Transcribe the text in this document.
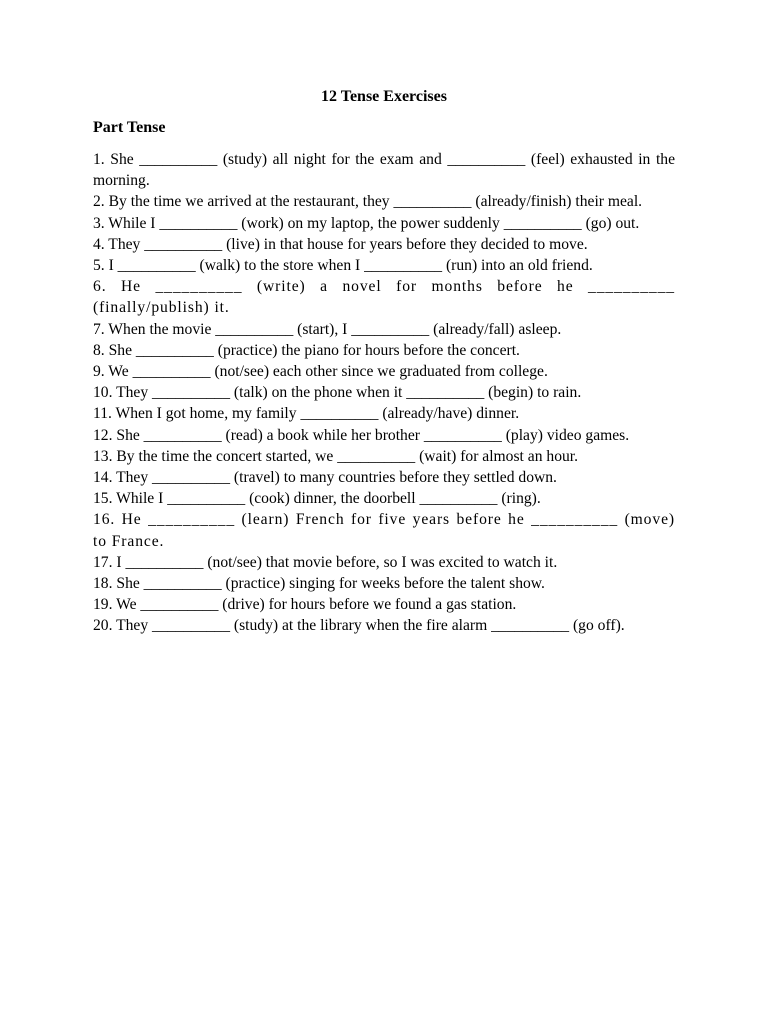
12 Tense Exercises
Part Tense
1. She __________ (study) all night for the exam and __________ (feel) exhausted in the morning.
2. By the time we arrived at the restaurant, they __________ (already/finish) their meal.
3. While I __________ (work) on my laptop, the power suddenly __________ (go) out.
4. They __________ (live) in that house for years before they decided to move.
5. I __________ (walk) to the store when I __________ (run) into an old friend.
6. He __________ (write) a novel for months before he __________ (finally/publish) it.
7. When the movie __________ (start), I __________ (already/fall) asleep.
8. She __________ (practice) the piano for hours before the concert.
9. We __________ (not/see) each other since we graduated from college.
10. They __________ (talk) on the phone when it __________ (begin) to rain.
11. When I got home, my family __________ (already/have) dinner.
12. She __________ (read) a book while her brother __________ (play) video games.
13. By the time the concert started, we __________ (wait) for almost an hour.
14. They __________ (travel) to many countries before they settled down.
15. While I __________ (cook) dinner, the doorbell __________ (ring).
16. He __________ (learn) French for five years before he __________ (move) to France.
17. I __________ (not/see) that movie before, so I was excited to watch it.
18. She __________ (practice) singing for weeks before the talent show.
19. We __________ (drive) for hours before we found a gas station.
20. They __________ (study) at the library when the fire alarm __________ (go off).
